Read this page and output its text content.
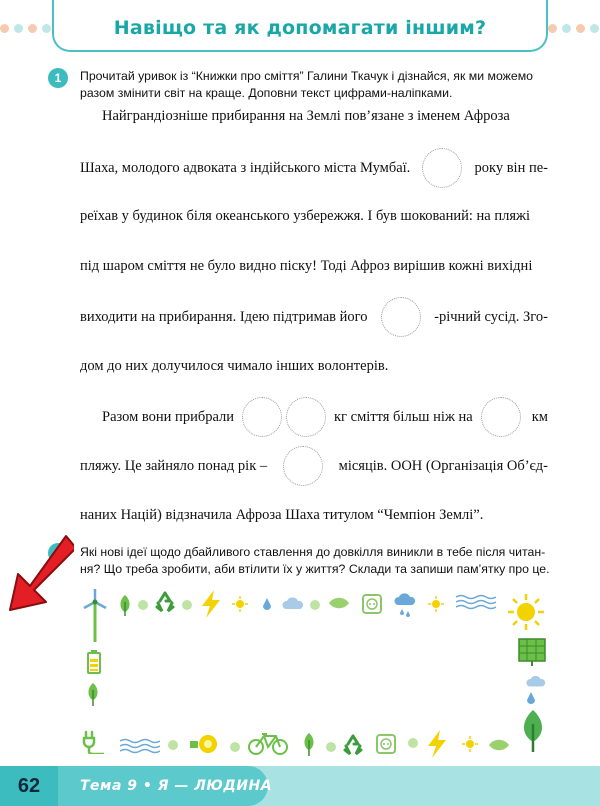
Навіщо та як допомагати іншим?
1	Прочитай уривок із “Книжки про сміття” Галини Ткачук і дізнайся, як ми можемо
разом змінити світ на краще. Доповни текст цифрами-наліпками.
Найграндіозніше прибирання на Землі пов’язане з іменем Афроза
Шаха, молодого адвоката з індійського міста Мумбаї.	року він пе-
реїхав у будинок біля океанського узбережжя. І був шокований: на пляжі
під шаром сміття не було видно піску! Тоді Афроз вирішив кожні вихідні
виходити на прибирання. Ідею підтримав його	-річний сусід. Зго-
дом до них долучилося чимало інших волонтерів.
Разом вони прибрали	кг сміття більш ніж на	км
пляжу. Це зайняло понад рік –	місяців. ООН (Організація Об’єд-
наних Націй) відзначила Афроза Шаха титулом “Чемпіон Землі”.
Які нові ідеї щодо дбайливого ставлення до довкілля виникли в тебе після читан-
ня? Що треба зробити, аби втілити їх у життя? Склади та запиши пам’ятку про це.
62	Тема 9 • Я — ЛЮДИНА
